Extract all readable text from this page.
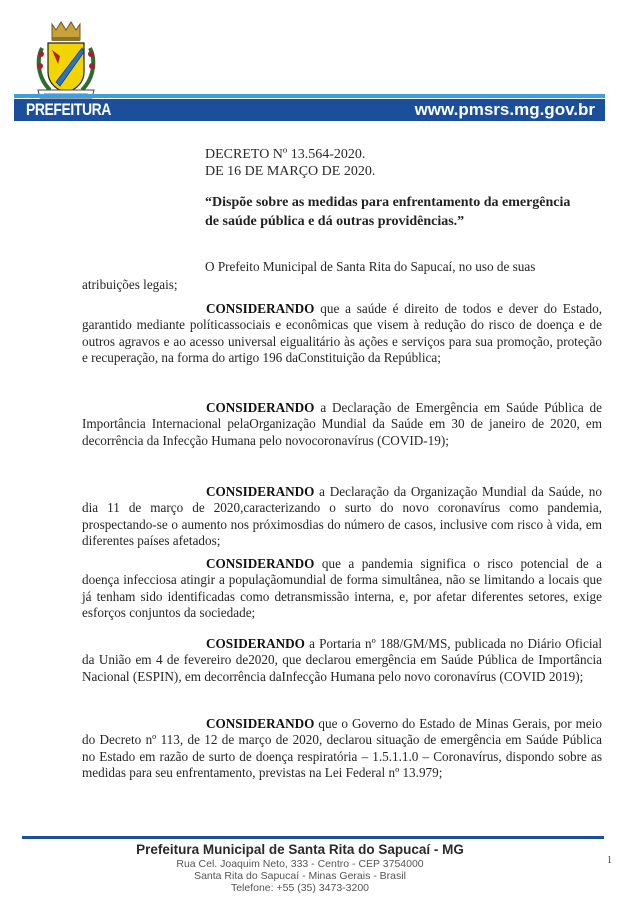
PREFEITURA	www.pmsrs.mg.gov.br
DECRETO Nº 13.564-2020.
DE 16 DE MARÇO DE 2020.
“Dispõe sobre as medidas para enfrentamento da emergência
de saúde pública e dá outras providências.”
O Prefeito Municipal de Santa Rita do Sapucaí, no uso de suas
atribuições legais;

CONSIDERANDO que a saúde é direito de todos e dever do Estado, garantido mediante políticassociais e econômicas que visem à redução do risco de doença e de outros agravos e ao acesso universal eigualitário às ações e serviços para sua promoção, proteção e recuperação, na forma do artigo 196 daConstituição da República;

CONSIDERANDO a Declaração de Emergência em Saúde Pública de Importância Internacional pelaOrganização Mundial da Saúde em 30 de janeiro de 2020, em decorrência da Infecção Humana pelo novocoronavírus (COVID-19);

CONSIDERANDO a Declaração da Organização Mundial da Saúde, no dia 11 de março de 2020,caracterizando o surto do novo coronavírus como pandemia, prospectando-se o aumento nos próximosdias do número de casos, inclusive com risco à vida, em diferentes países afetados;

CONSIDERANDO que a pandemia significa o risco potencial de a doença infecciosa atingir a populaçãomundial de forma simultânea, não se limitando a locais que já tenham sido identificadas como detransmissão interna, e, por afetar diferentes setores, exige esforços conjuntos da sociedade;

COSIDERANDO a Portaria nº 188/GM/MS, publicada no Diário Oficial da União em 4 de fevereiro de2020, que declarou emergência em Saúde Pública de Importância Nacional (ESPIN), em decorrência daInfecção Humana pelo novo coronavírus (COVID 2019);

CONSIDERANDO que o Governo do Estado de Minas Gerais, por meio do Decreto nº 113, de 12 de março de 2020, declarou situação de emergência em Saúde Pública no Estado em razão de surto de doença respiratória – 1.5.1.1.0 – Coronavírus, dispondo sobre as medidas para seu enfrentamento, previstas na Lei Federal nº 13.979;

Prefeitura Municipal de Santa Rita do Sapucaí - MG
Rua Cel. Joaquim Neto, 333 - Centro - CEP 3754000
Santa Rita do Sapucaí - Minas Gerais - Brasil
Telefone: +55 (35) 3473-3200
1
